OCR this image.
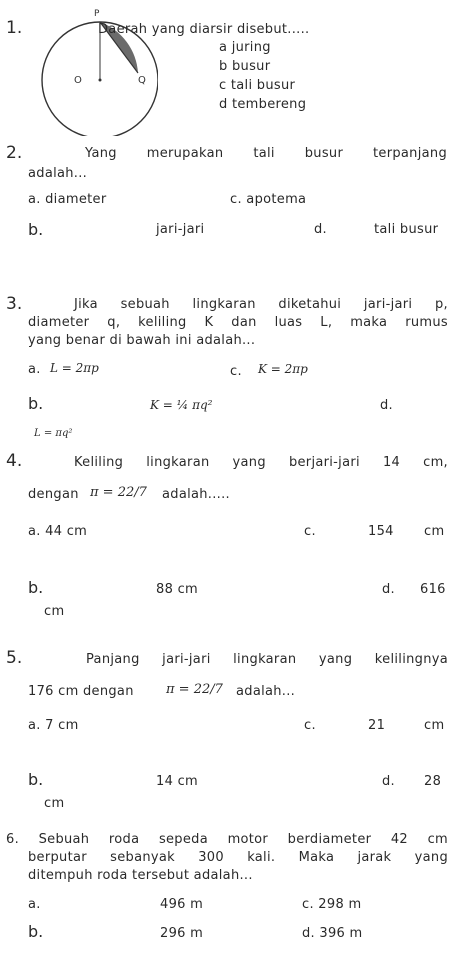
1.
P
O	Q
Daerah yang diarsir disebut.....
a juring
b busur
c tali busur
d tembereng
2.	Yang merupakan tali busur terpanjang
adalah...
a. diameter	c. apotema
b.	jari-jari	d.	tali busur
3.	Jika sebuah lingkaran diketahui jari-jari p,
diameter q, keliling K dan luas L, maka rumus
yang benar di bawah ini adalah...
a. L = 2πp	c. K = 2πp
b.	K = ¼ πq²	d.
L = πq²
4.	Keliling lingkaran yang berjari-jari 14 cm,
dengan π = 22/7 adalah.....
a. 44 cm	c.	154 cm
b.	88 cm	d. 616
cm
5.	Panjang jari-jari lingkaran yang kelilingnya
176 cm dengan π = 22/7 adalah...
a. 7 cm	c.	21	cm
b.	14 cm	d. 28
cm
6. Sebuah roda sepeda motor berdiameter 42 cm
berputar sebanyak 300 kali. Maka jarak yang
ditempuh roda tersebut adalah...
a.	496 m	c. 298 m
b.	296 m	d. 396 m
